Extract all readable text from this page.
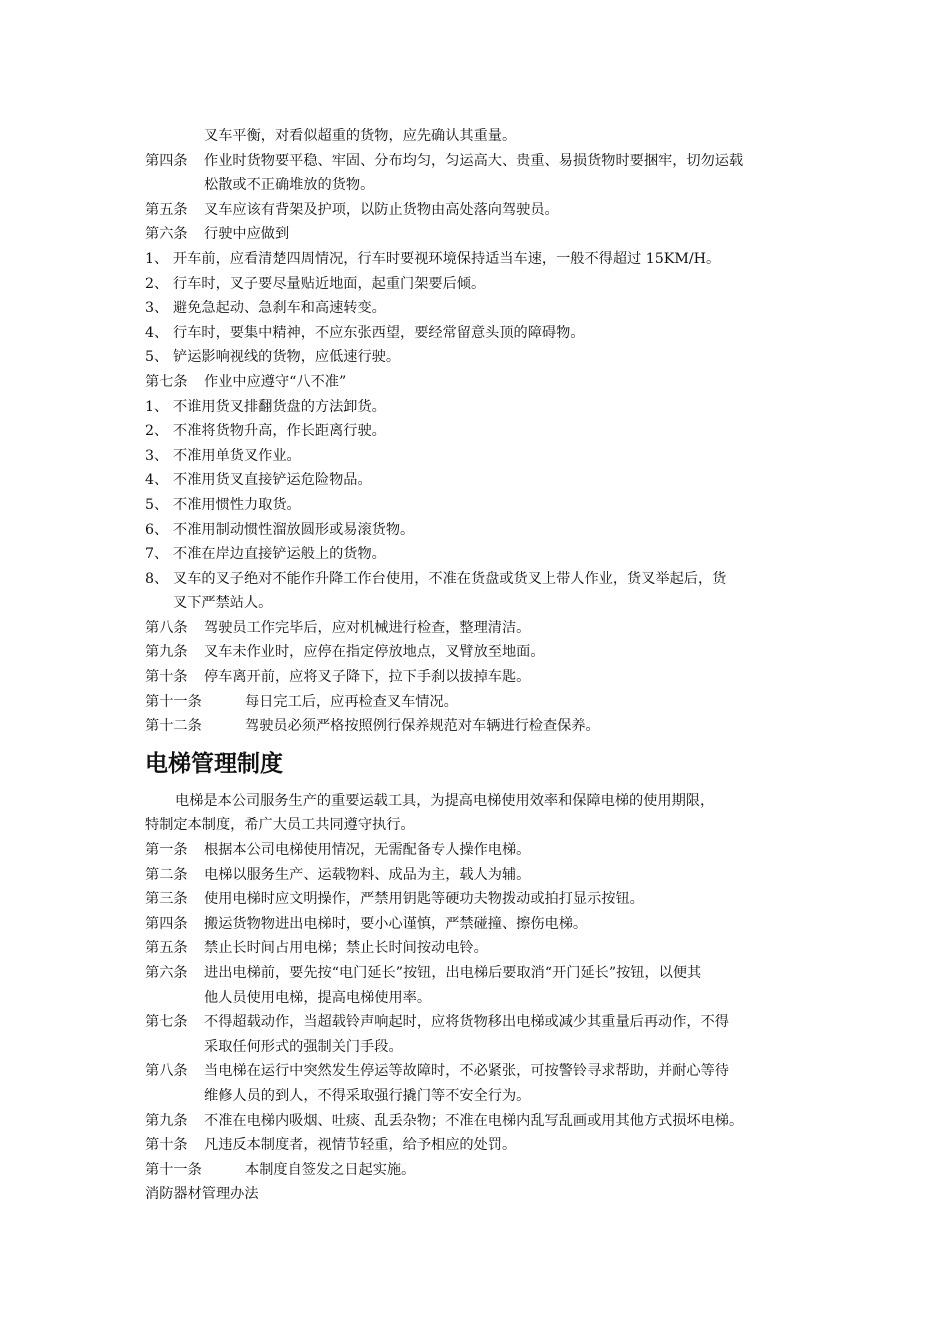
叉车平衡，对看似超重的货物，应先确认其重量。
第四条	作业时货物要平稳、牢固、分布均匀，匀运高大、贵重、易损货物时要捆牢，切勿运载
松散或不正确堆放的货物。
第五条	叉车应该有背架及护项，以防止货物由高处落向驾驶员。
第六条	行驶中应做到
1、 开车前，应看清楚四周情况，行车时要视环境保持适当车速，一般不得超过 15KM/H。
2、 行车时，叉子要尽量贴近地面，起重门架要后倾。
3、 避免急起动、急刹车和高速转变。
4、 行车时，要集中精神，不应东张西望，要经常留意头顶的障碍物。
5、 铲运影响视线的货物，应低速行驶。
第七条	作业中应遵守“八不准”
1、 不谁用货叉排翻货盘的方法卸货。
2、 不准将货物升高，作长距离行驶。
3、 不准用单货叉作业。
4、 不准用货叉直接铲运危险物品。
5、 不准用惯性力取货。
6、 不准用制动惯性溜放圆形或易滚货物。
7、 不准在岸边直接铲运般上的货物。
8、 叉车的叉子绝对不能作升降工作台使用，不准在货盘或货叉上带人作业，货叉举起后，货
叉下严禁站人。
第八条	驾驶员工作完毕后，应对机械进行检查，整理清洁。
第九条	叉车未作业时，应停在指定停放地点，叉臂放至地面。
第十条	停车离开前，应将叉子降下，拉下手刹以拔掉车匙。
第十一条	每日完工后，应再检查叉车情况。
第十二条	驾驶员必须严格按照例行保养规范对车辆进行检查保养。
电梯管理制度
电梯是本公司服务生产的重要运载工具，为提高电梯使用效率和保障电梯的使用期限，
特制定本制度，希广大员工共同遵守执行。
第一条	根据本公司电梯使用情况，无需配备专人操作电梯。
第二条	电梯以服务生产、运载物料、成品为主，载人为辅。
第三条	使用电梯时应文明操作，严禁用钥匙等硬功夫物拨动或拍打显示按钮。
第四条	搬运货物物进出电梯时，要小心谨慎，严禁碰撞、擦伤电梯。
第五条	禁止长时间占用电梯；禁止长时间按动电铃。
第六条	进出电梯前，要先按“电门延长”按钮，出电梯后要取消“开门延长”按钮，以便其
他人员使用电梯，提高电梯使用率。
第七条	不得超载动作，当超载铃声响起时，应将货物移出电梯或减少其重量后再动作，不得
采取任何形式的强制关门手段。
第八条	当电梯在运行中突然发生停运等故障时，不必紧张，可按警铃寻求帮助，并耐心等待
维修人员的到人，不得采取强行撬门等不安全行为。
第九条	不准在电梯内吸烟、吐痰、乱丢杂物；不准在电梯内乱写乱画或用其他方式损坏电梯。
第十条	凡违反本制度者，视情节轻重，给予相应的处罚。
第十一条	本制度自签发之日起实施。
消防器材管理办法
